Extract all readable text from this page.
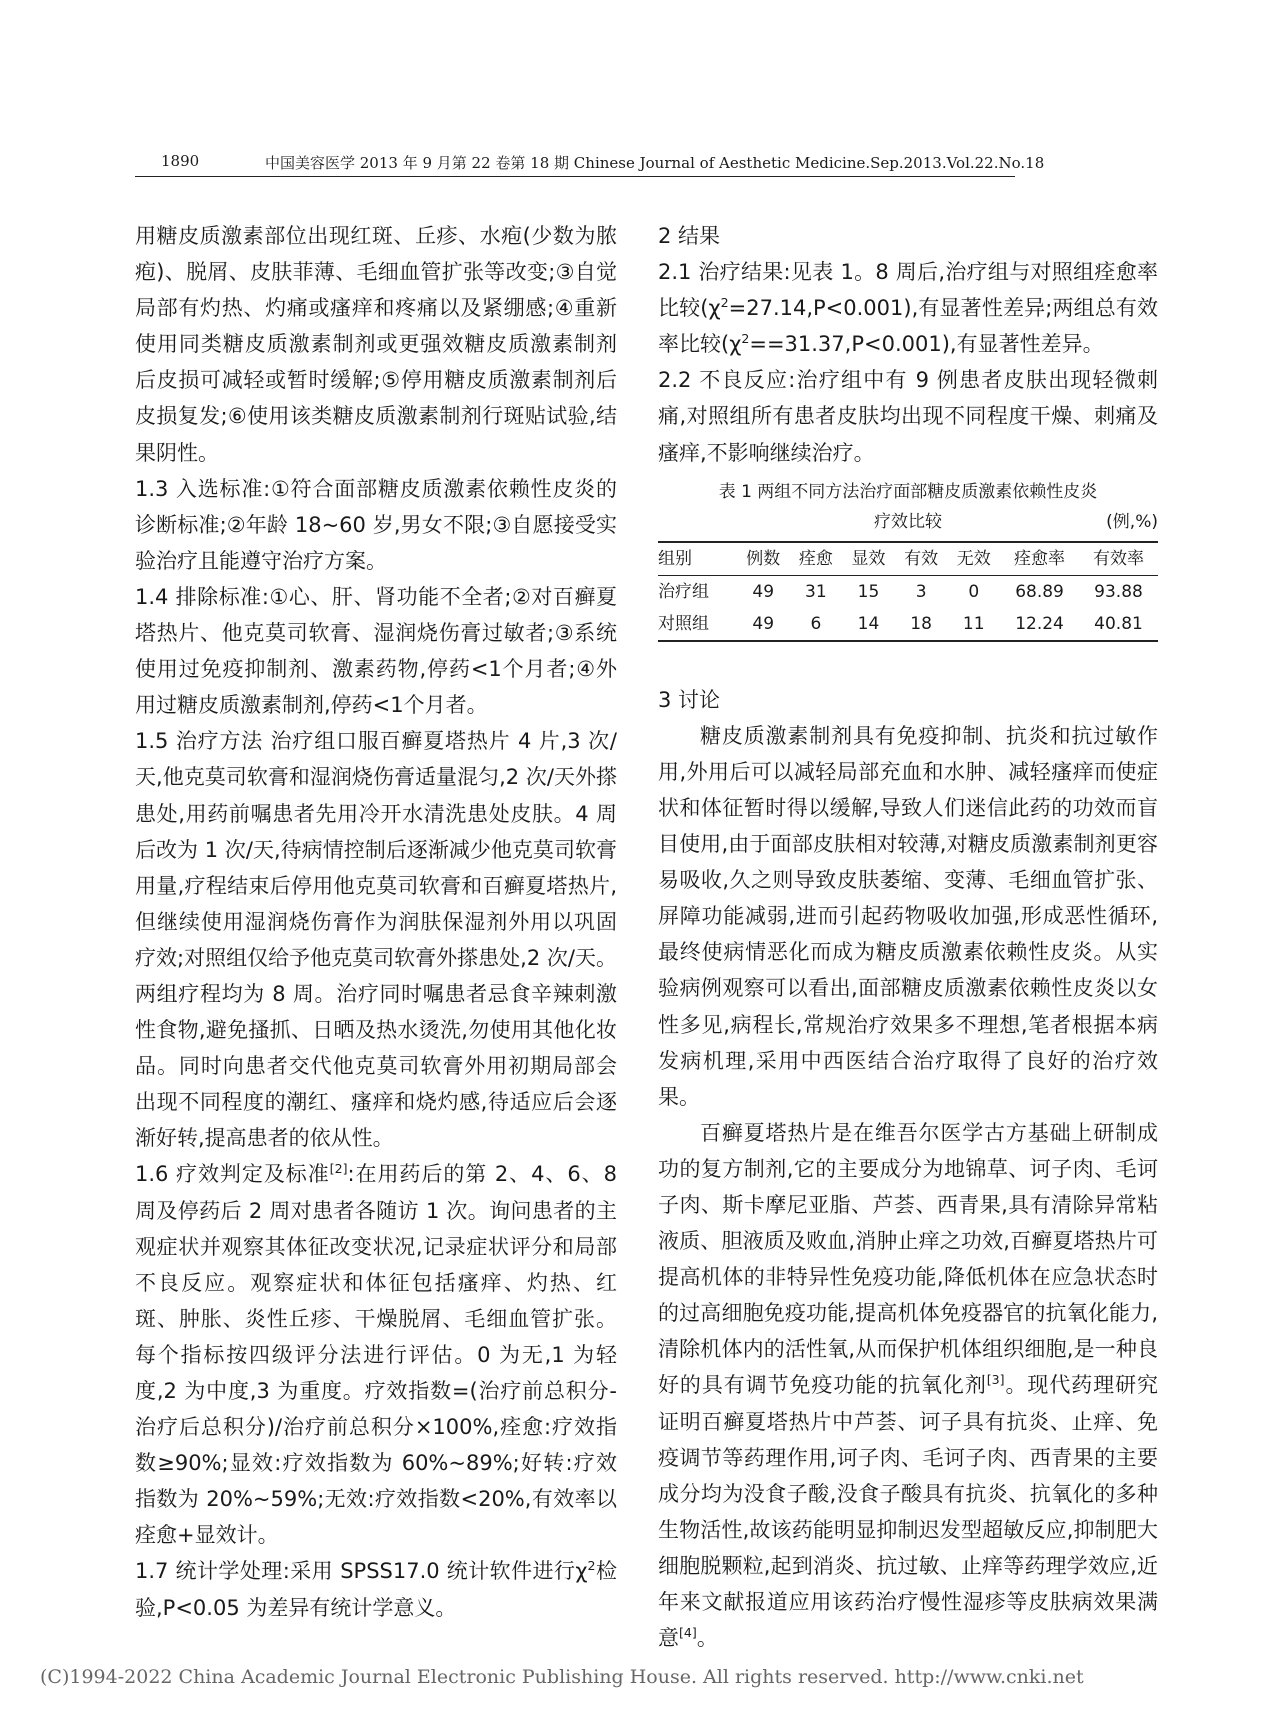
1890	中国美容医学 2013 年 9 月第 22 卷第 18 期 Chinese Journal of Aesthetic Medicine.Sep.2013.Vol.22.No.18

用糖皮质激素部位出现红斑、丘疹、水疱(少数为脓疱)、脱屑、皮肤菲薄、毛细血管扩张等改变;③自觉局部有灼热、灼痛或瘙痒和疼痛以及紧绷感;④重新使用同类糖皮质激素制剂或更强效糖皮质激素制剂后皮损可减轻或暂时缓解;⑤停用糖皮质激素制剂后皮损复发;⑥使用该类糖皮质激素制剂行斑贴试验,结果阴性。

1.3 入选标准:①符合面部糖皮质激素依赖性皮炎的诊断标准;②年龄 18~60 岁,男女不限;③自愿接受实验治疗且能遵守治疗方案。

1.4 排除标准:①心、肝、肾功能不全者;②对百癣夏塔热片、他克莫司软膏、湿润烧伤膏过敏者;③系统使用过免疫抑制剂、激素药物,停药<1个月者;④外用过糖皮质激素制剂,停药<1个月者。

1.5 治疗方法 治疗组口服百癣夏塔热片 4 片,3 次/天,他克莫司软膏和湿润烧伤膏适量混匀,2 次/天外搽患处,用药前嘱患者先用冷开水清洗患处皮肤。4 周后改为 1 次/天,待病情控制后逐渐减少他克莫司软膏用量,疗程结束后停用他克莫司软膏和百癣夏塔热片,但继续使用湿润烧伤膏作为润肤保湿剂外用以巩固疗效;对照组仅给予他克莫司软膏外搽患处,2 次/天。两组疗程均为 8 周。治疗同时嘱患者忌食辛辣刺激性食物,避免搔抓、日晒及热水烫洗,勿使用其他化妆品。同时向患者交代他克莫司软膏外用初期局部会出现不同程度的潮红、瘙痒和烧灼感,待适应后会逐渐好转,提高患者的依从性。

1.6 疗效判定及标准[2]:在用药后的第 2、4、6、8 周及停药后 2 周对患者各随访 1 次。询问患者的主观症状并观察其体征改变状况,记录症状评分和局部不良反应。观察症状和体征包括瘙痒、灼热、红斑、肿胀、炎性丘疹、干燥脱屑、毛细血管扩张。每个指标按四级评分法进行评估。0 为无,1 为轻度,2 为中度,3 为重度。疗效指数=(治疗前总积分-治疗后总积分)/治疗前总积分×100%,痊愈:疗效指数≥90%;显效:疗效指数为 60%~89%;好转:疗效指数为 20%~59%;无效:疗效指数<20%,有效率以痊愈+显效计。

1.7 统计学处理:采用 SPSS17.0 统计软件进行$\chi^2$检验,P<0.05 为差异有统计学意义。

2 结果

2.1 治疗结果:见表 1。8 周后,治疗组与对照组痊愈率比较$(\chi^2=27.14,P<0.001)$,有显著性差异;两组总有效率比较$(\chi^2==31.37,P<0.001)$,有显著性差异。

2.2 不良反应:治疗组中有 9 例患者皮肤出现轻微刺痛,对照组所有患者皮肤均出现不同程度干燥、刺痛及瘙痒,不影响继续治疗。

表 1 两组不同方法治疗面部糖皮质激素依赖性皮炎
疗效比较	(例,%)
组别	例数	痊愈	显效	有效	无效	痊愈率	有效率
治疗组	49	31	15	3	0	68.89	93.88
对照组	49	6	14	18	11	12.24	40.81

3 讨论

糖皮质激素制剂具有免疫抑制、抗炎和抗过敏作用,外用后可以减轻局部充血和水肿、减轻瘙痒而使症状和体征暂时得以缓解,导致人们迷信此药的功效而盲目使用,由于面部皮肤相对较薄,对糖皮质激素制剂更容易吸收,久之则导致皮肤萎缩、变薄、毛细血管扩张、屏障功能减弱,进而引起药物吸收加强,形成恶性循环,最终使病情恶化而成为糖皮质激素依赖性皮炎。从实验病例观察可以看出,面部糖皮质激素依赖性皮炎以女性多见,病程长,常规治疗效果多不理想,笔者根据本病发病机理,采用中西医结合治疗取得了良好的治疗效果。

百癣夏塔热片是在维吾尔医学古方基础上研制成功的复方制剂,它的主要成分为地锦草、诃子肉、毛诃子肉、斯卡摩尼亚脂、芦荟、西青果,具有清除异常粘液质、胆液质及败血,消肿止痒之功效,百癣夏塔热片可提高机体的非特异性免疫功能,降低机体在应急状态时的过高细胞免疫功能,提高机体免疫器官的抗氧化能力,清除机体内的活性氧,从而保护机体组织细胞,是一种良好的具有调节免疫功能的抗氧化剂[3]。现代药理研究证明百癣夏塔热片中芦荟、诃子具有抗炎、止痒、免疫调节等药理作用,诃子肉、毛诃子肉、西青果的主要成分均为没食子酸,没食子酸具有抗炎、抗氧化的多种生物活性,故该药能明显抑制迟发型超敏反应,抑制肥大细胞脱颗粒,起到消炎、抗过敏、止痒等药理学效应,近年来文献报道应用该药治疗慢性湿疹等皮肤病效果满意[4]。

(C)1994-2022 China Academic Journal Electronic Publishing House. All rights reserved. http://www.cnki.net
